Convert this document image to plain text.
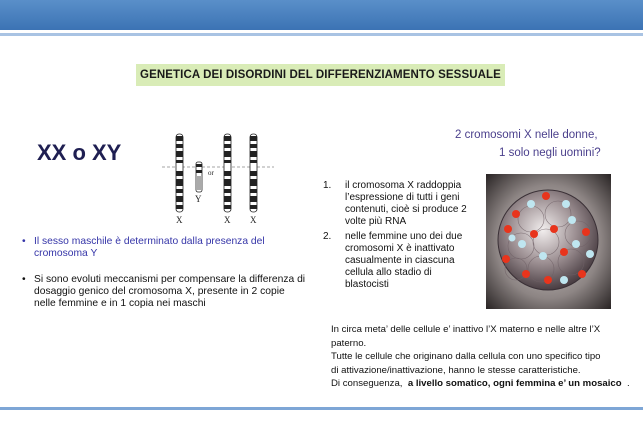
GENETICA DEI DISORDINI DEL DIFFERENZIAMENTO SESSUALE
XX o XY
X
Y
or
X X
• Il sesso maschile è determinato dalla presenza del cromosoma Y
• Si sono evoluti meccanismi per compensare la differenza di dosaggio genico del cromosoma X, presente in 2 copie nelle femmine e in 1 copia nei maschi
2 cromosomi X nelle donne,
1 solo negli uomini?
1. il cromosoma X raddoppia l’espressione di tutti i geni contenuti, cioè si produce 2 volte più RNA
2. nelle femmine uno dei due cromosomi X è inattivato casualmente in ciascuna cellula allo stadio di blastocisti

In circa meta’ delle cellule e’ inattivo l’X materno e nelle altre l’X

paterno.

Tutte le cellule che originano dalla cellula con uno specifico tipo

di attivazione/inattivazione, hanno le stesse caratteristiche.

Di conseguenza, a livello somatico, ogni femmina e’ un mosaico .
